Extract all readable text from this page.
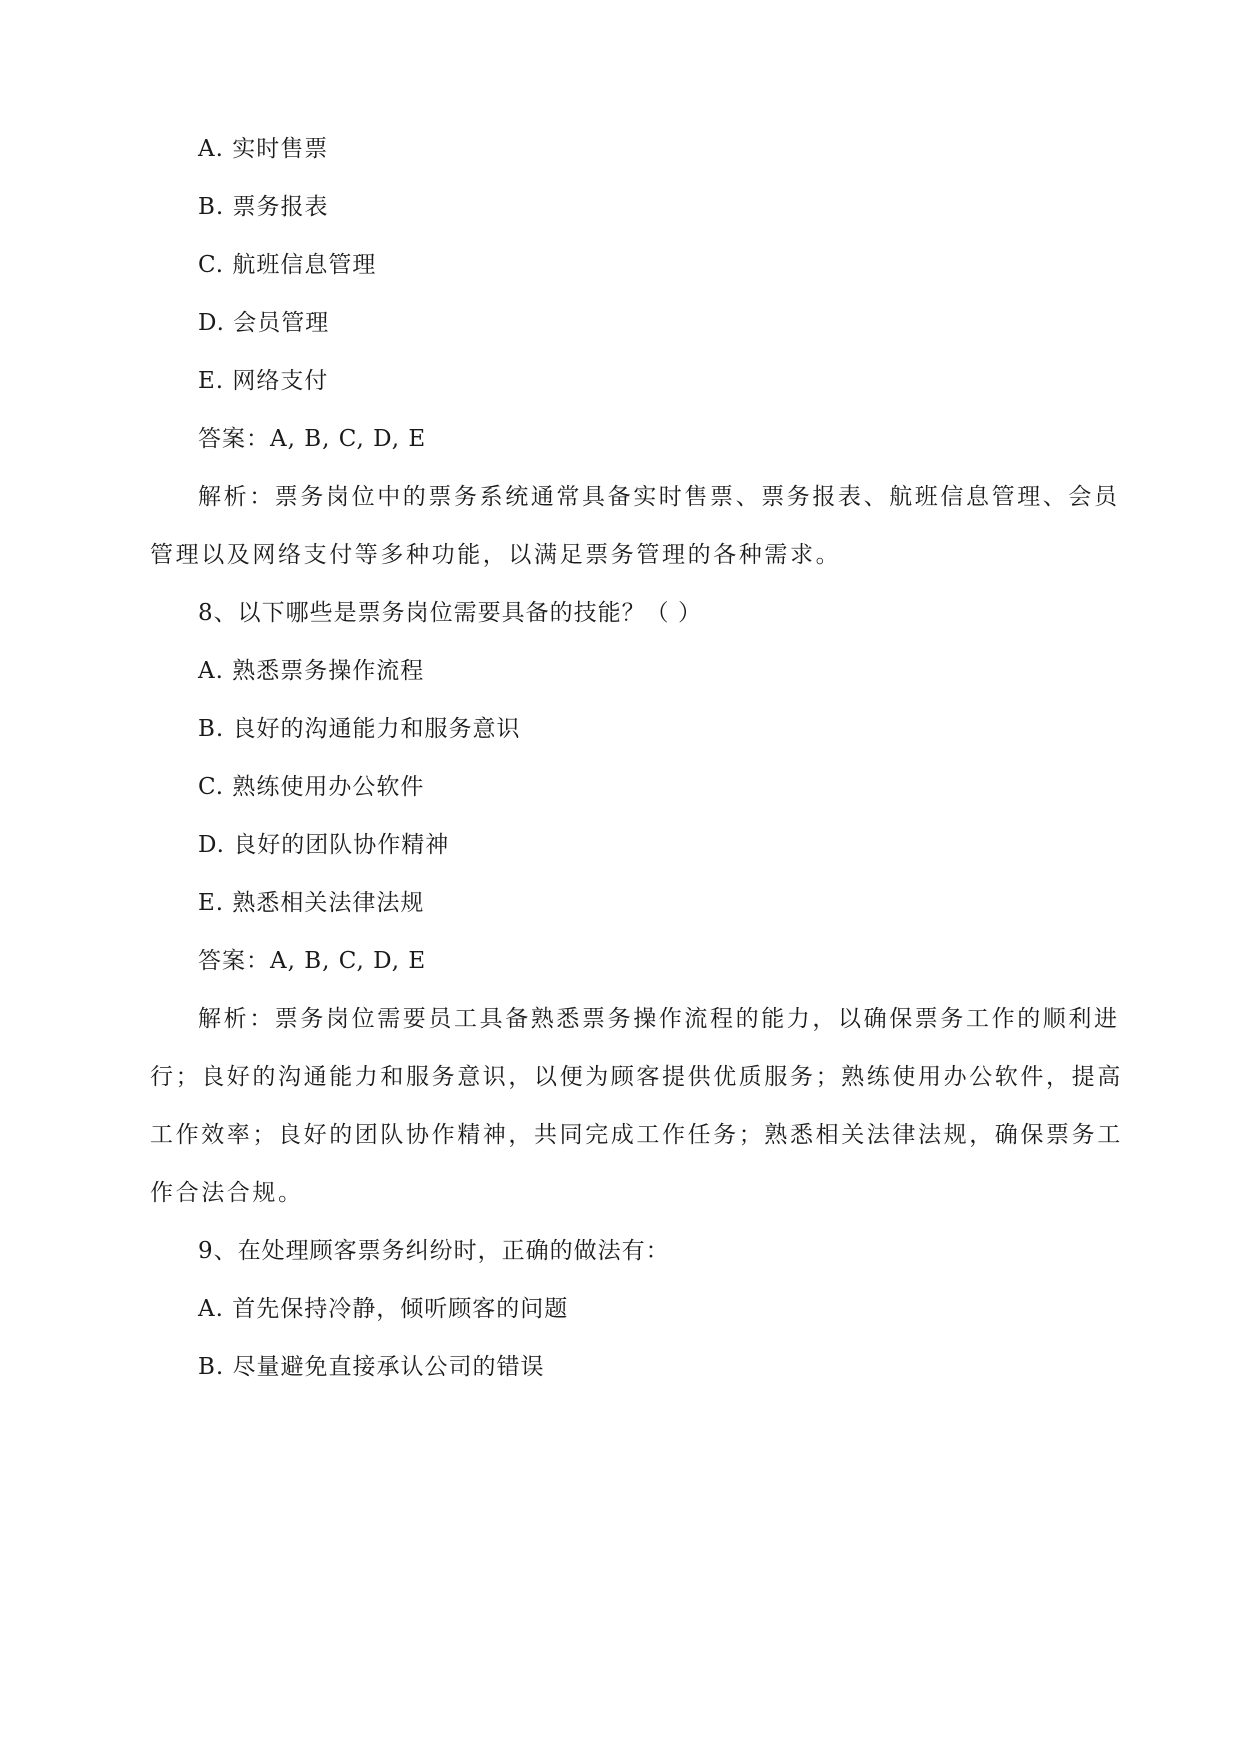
A. 实时售票
B. 票务报表
C. 航班信息管理
D. 会员管理
E. 网络支付
答案：A, B, C, D, E
解析：票务岗位中的票务系统通常具备实时售票、票务报表、航班信息管理、会员
管理以及网络支付等多种功能，以满足票务管理的各种需求。
8、以下哪些是票务岗位需要具备的技能？（ ）
A. 熟悉票务操作流程
B. 良好的沟通能力和服务意识
C. 熟练使用办公软件
D. 良好的团队协作精神
E. 熟悉相关法律法规
答案：A, B, C, D, E
解析：票务岗位需要员工具备熟悉票务操作流程的能力，以确保票务工作的顺利进
行；良好的沟通能力和服务意识，以便为顾客提供优质服务；熟练使用办公软件，提高
工作效率；良好的团队协作精神，共同完成工作任务；熟悉相关法律法规，确保票务工
作合法合规。
9、在处理顾客票务纠纷时，正确的做法有：
A. 首先保持冷静，倾听顾客的问题
B. 尽量避免直接承认公司的错误
